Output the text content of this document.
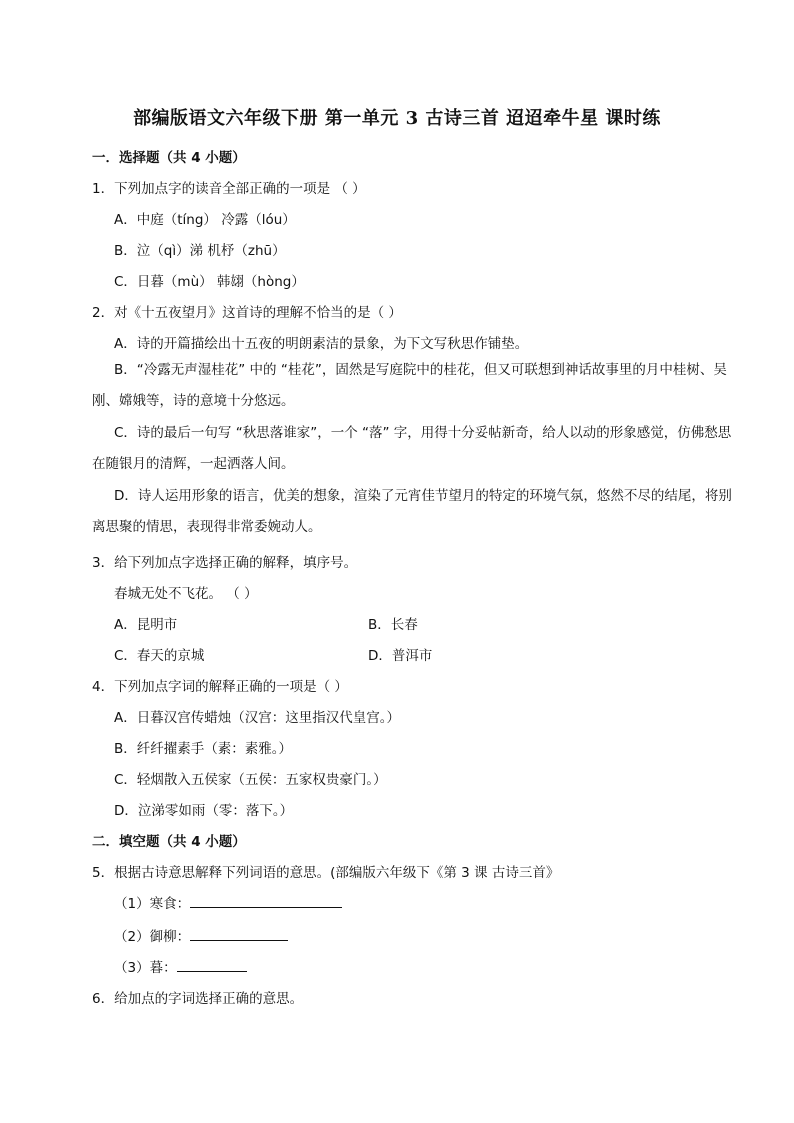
部编版语文六年级下册 第一单元 3 古诗三首 迢迢牵牛星 课时练
一．选择题（共 4 小题）
1．下列加点字的读音全部正确的一项是 （ ）
A．中庭（tíng） 冷露（lóu）
B．泣（qì）涕 机杼（zhū）
C．日暮（mù） 韩翃（hòng）
2．对《十五夜望月》这首诗的理解不恰当的是（ ）
A．诗的开篇描绘出十五夜的明朗素洁的景象，为下文写秋思作铺垫。
B．“冷露无声湿桂花” 中的 “桂花”，固然是写庭院中的桂花，但又可联想到神话故事里的月中桂树、吴刚、嫦娥等，诗的意境十分悠远。
C．诗的最后一句写 “秋思落谁家”，一个 “落” 字，用得十分妥帖新奇，给人以动的形象感觉，仿佛愁思在随银月的清辉，一起洒落人间。
D．诗人运用形象的语言，优美的想象，渲染了元宵佳节望月的特定的环境气氛，悠然不尽的结尾，将别离思聚的情思，表现得非常委婉动人。
3．给下列加点字选择正确的解释，填序号。
春城无处不飞花。 （ ）
A．昆明市	B．长春
C．春天的京城	D．普洱市
4．下列加点字词的解释正确的一项是（ ）
A．日暮汉宫传蜡烛（汉宫：这里指汉代皇宫。）
B．纤纤擢素手（素：素雅。）
C．轻烟散入五侯家（五侯：五家权贵豪门。）
D．泣涕零如雨（零：落下。）
二．填空题（共 4 小题）
5．根据古诗意思解释下列词语的意思。(部编版六年级下《第 3 课 古诗三首》
（1）寒食：
（2）御柳：
（3）暮：
6．给加点的字词选择正确的意思。
